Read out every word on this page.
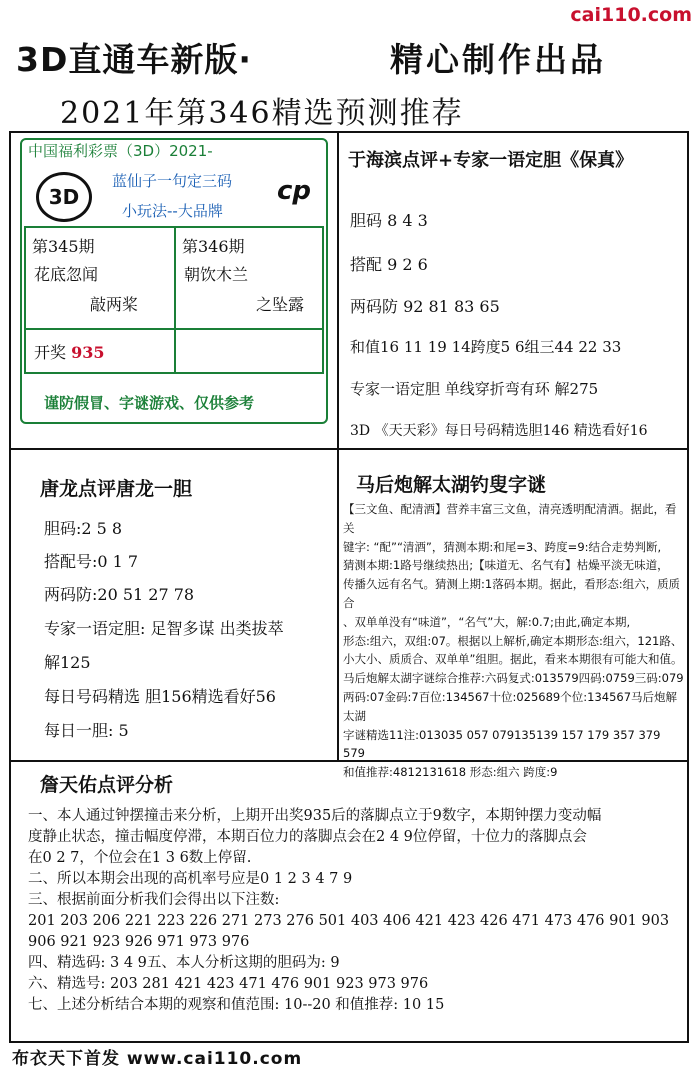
cai110.com
3D直通车新版·	精心制作出品
2021年第346精选预测推荐
中国福利彩票（3D）2021-
3D
蓝仙子一句定三码
小玩法--大品牌
cp
第345期
花底忽闻
敲两桨
第346期
朝饮木兰
之坠露
开奖 935
谨防假冒、字谜游戏、仅供参考
于海滨点评+专家一语定胆《保真》
胆码 8 4 3
搭配 9 2 6
两码防 92 81 83 65
和值16 11 19 14跨度5 6组三44 22 33
专家一语定胆 单线穿折弯有环 解275
3D 《天天彩》每日号码精选胆146 精选看好16
唐龙点评唐龙一胆
胆码:2 5 8
搭配号:0 1 7
两码防:20 51 27 78
专家一语定胆: 足智多谋 出类拔萃
解125
每日号码精选 胆156精选看好56
每日一胆: 5
马后炮解太湖钓叟字谜
【三文鱼、配清酒】营养丰富三文鱼，清亮透明配清酒。据此，看关
键字: “配”“清酒”，猜测本期:和尾=3、跨度=9:结合走势判断,
猜测本期:1路号继续热出;【味道无、名气有】枯燥平淡无味道，
传播久远有名气。猜测上期:1落码本期。据此，看形态:组六，质质合
、双单单没有“味道”，“名气”大，解:0.7;由此,确定本期,
形态:组六，双组:07。根据以上解析,确定本期形态:组六，121路、
小大小、质质合、双单单”组胆。据此，看来本期很有可能大和值。
马后炮解太湖字谜综合推荐:六码复式:013579四码:0759三码:079
两码:07金码:7百位:134567十位:025689个位:134567马后炮解太湖
字谜精选11注:013035 057 079135139 157 179 357 379 579
和值推荐:4812131618 形态:组六 跨度:9
詹天佑点评分析
一、本人通过钟摆撞击来分析，上期开出奖935后的落脚点立于9数字，本期钟摆力变动幅
度静止状态，撞击幅度停滞，本期百位力的落脚点会在2 4 9位停留，十位力的落脚点会
在0 2 7，个位会在1 3 6数上停留.
二、所以本期会出现的高机率号应是0 1 2 3 4 7 9
三、根据前面分析我们会得出以下注数:
201 203 206 221 223 226 271 273 276 501 403 406 421 423 426 471 473 476 901 903
906 921 923 926 971 973 976
四、精选码: 3 4 9五、本人分析这期的胆码为: 9
六、精选号: 203 281 421 423 471 476 901 923 973 976
七、上述分析结合本期的观察和值范围: 10--20 和值推荐: 10 15
布衣天下首发 www.cai110.com
